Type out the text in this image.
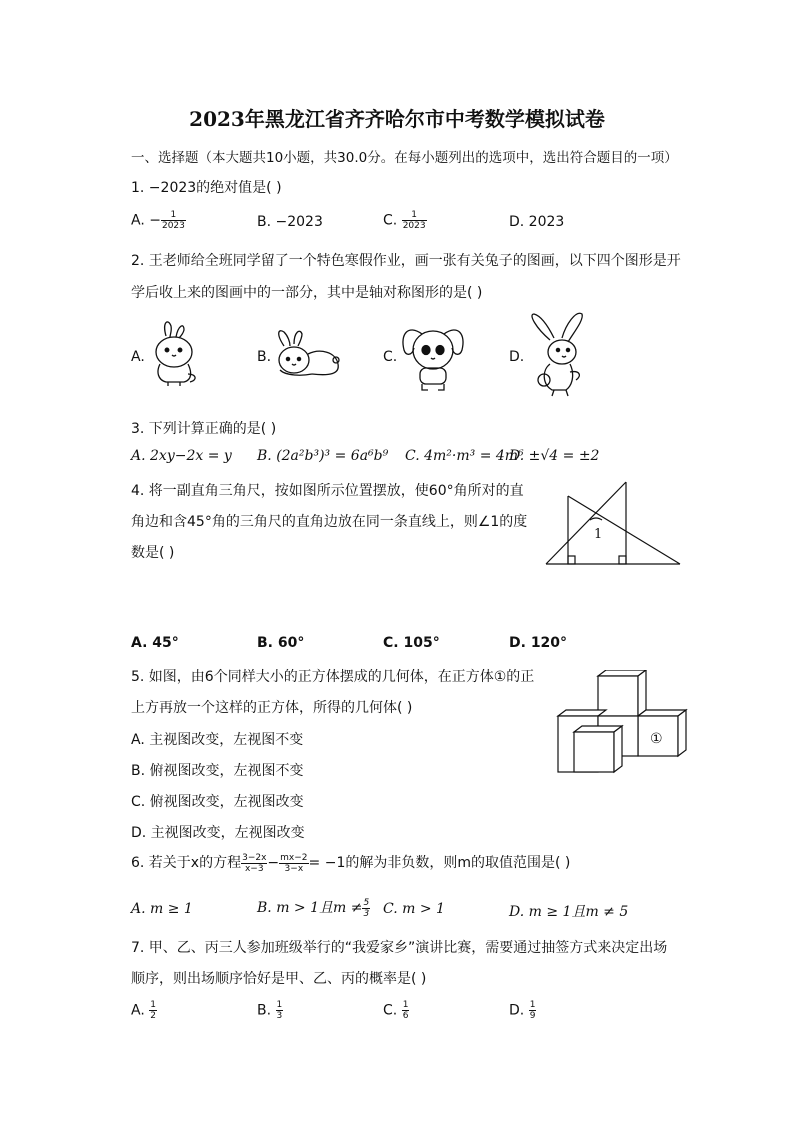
2023年黑龙江省齐齐哈尔市中考数学模拟试卷
一、选择题（本大题共10小题，共30.0分。在每小题列出的选项中，选出符合题目的一项）
1. −2023的绝对值是( )
A. − $\frac{1}{2023}$	B. −2023	C. $\frac{1}{2023}$	D. 2023
2. 王老师给全班同学留了一个特色寒假作业，画一张有关兔子的图画，以下四个图形是开
学后收上来的图画中的一部分，其中是轴对称图形的是( )
A.	B.	C.	D.
3. 下列计算正确的是( )
A. 2xy−2x = y B. (2a²b³)³ = 6a⁶b⁹ C. 4m²·m³ = 4m⁶
D. ±√4 = ±2
4. 将一副直角三角尺，按如图所示位置摆放，使60°角所对的直
角边和含45°角的三角尺的直角边放在同一条直线上，则∠1的度
数是( )
1
A. 45°	B. 60°	C. 105°	D. 120°
5. 如图，由6个同样大小的正方体摆成的几何体，在正方体①的正
上方再放一个这样的正方体，所得的几何体( )
A. 主视图改变，左视图不变
B. 俯视图改变，左视图不变
C. 俯视图改变，左视图改变
D. 主视图改变，左视图改变
①
6. 若关于x的方程 $\frac{3-2x}{x-3} - \frac{mx-2}{3-x} = -1$的解为非负数，则m的取值范围是( )
A. m ≥ 1	B. m > 1且$m \ne \frac{5}{3} C$. m > 1	D. m ≥ 1且m ≠ 5
7. 甲、乙、丙三人参加班级举行的“我爱家乡”演讲比赛，需要通过抽签方式来决定出场
顺序，则出场顺序恰好是甲、乙、丙的概率是( )
A. $\frac{1}{2}$	B. $\frac{1}{3}$	C. $\frac{1}{6}$	D. $\frac{1}{9}$
